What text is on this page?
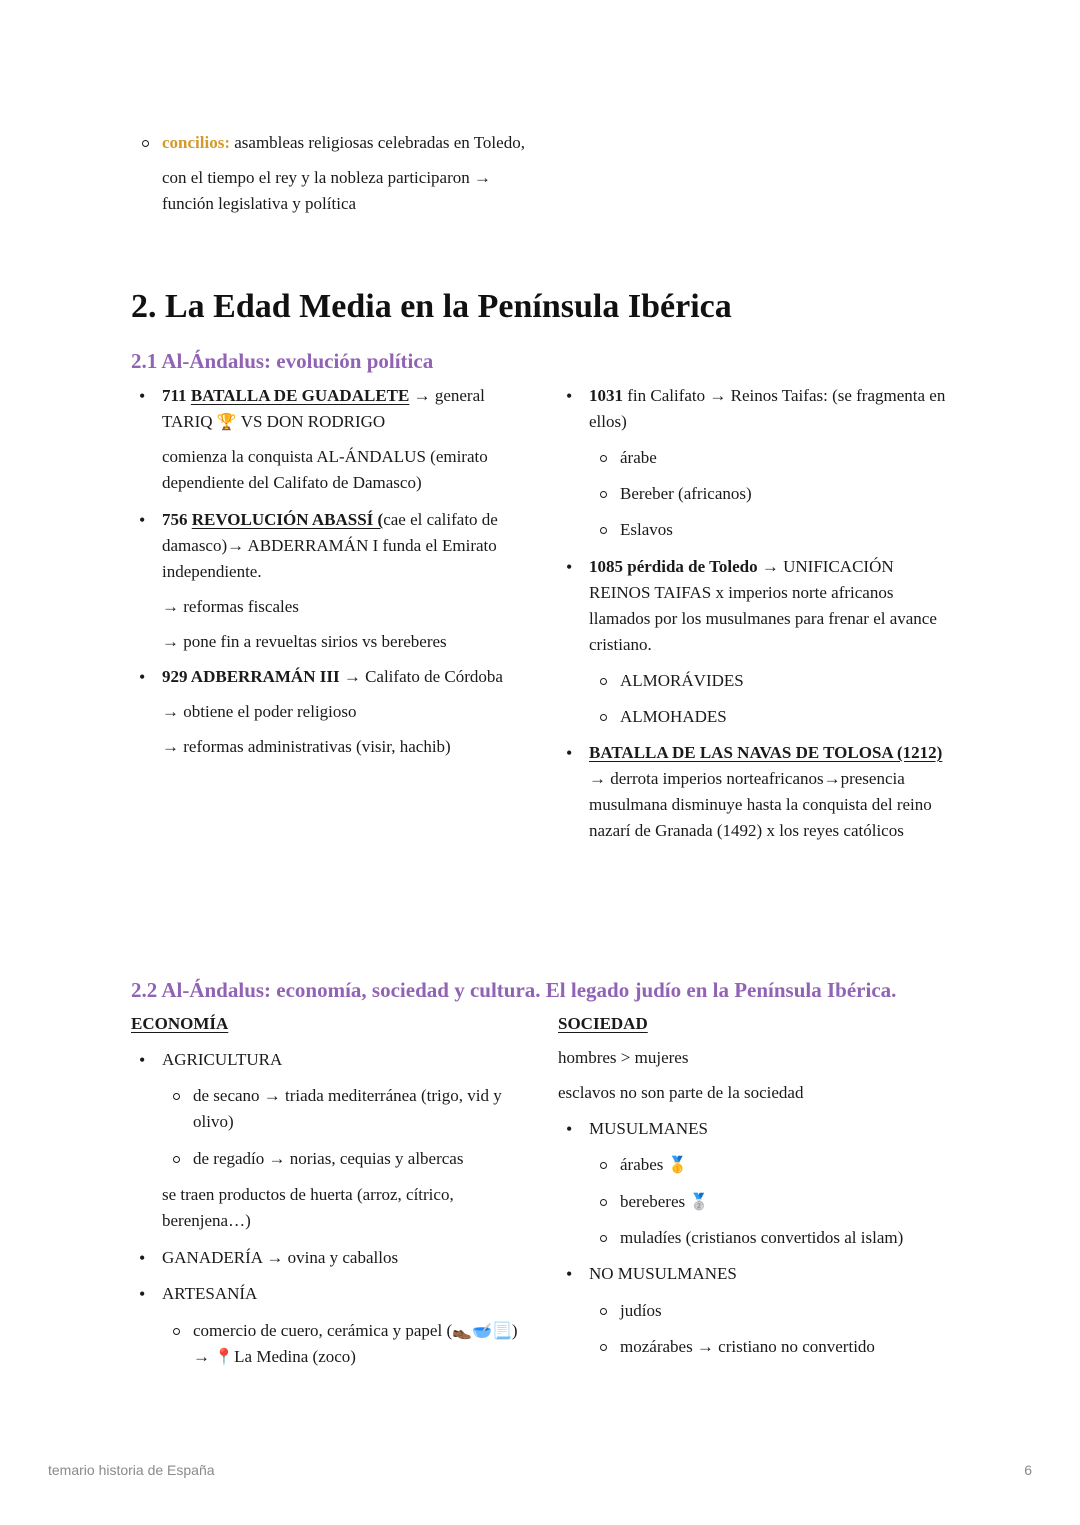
concilios: asambleas religiosas celebradas en Toledo,
con el tiempo el rey y la nobleza participaron → función legislativa y política
2. La Edad Media en la Península Ibérica
2.1 Al-Ándalus: evolución política
• 711 BATALLA DE GUADALETE → general TARIQ 🏆 VS DON RODRIGO
comienza la conquista AL-ÁNDALUS (emirato dependiente del Califato de Damasco)
• 756 REVOLUCIÓN ABASSÍ (cae el califato de damasco)→ ABDERRAMÁN I funda el Emirato independiente.
→ reformas fiscales
→ pone fin a revueltas sirios vs bereberes
• 929 ADBERRAMÁN III → Califato de Córdoba
→ obtiene el poder religioso
→ reformas administrativas (visir, hachib)
• 1031 fin Califato → Reinos Taifas: (se fragmenta en ellos)
árabe
Bereber (africanos)
Eslavos
• 1085 pérdida de Toledo → UNIFICACIÓN REINOS TAIFAS x imperios norte africanos llamados por los musulmanes para frenar el avance cristiano.
ALMORÁVIDES
ALMOHADES
• BATALLA DE LAS NAVAS DE TOLOSA (1212) → derrota imperios norteafricanos→presencia musulmana disminuye hasta la conquista del reino nazarí de Granada (1492) x los reyes católicos
2.2 Al-Ándalus: economía, sociedad y cultura. El legado judío en la Península Ibérica.
ECONOMÍA
• AGRICULTURA
de secano → triada mediterránea (trigo, vid y olivo)
de regadío → norias, cequias y albercas
se traen productos de huerta (arroz, cítrico, berenjena…)
• GANADERÍA → ovina y caballos
• ARTESANÍA
comercio de cuero, cerámica y papel (👞🥣📃) → 📍La Medina (zoco)
SOCIEDAD
hombres > mujeres
esclavos no son parte de la sociedad
• MUSULMANES
árabes 🥇
bereberes 🥈
muladíes (cristianos convertidos al islam)
• NO MUSULMANES
judíos
mozárabes → cristiano no convertido
temario historia de España	6
